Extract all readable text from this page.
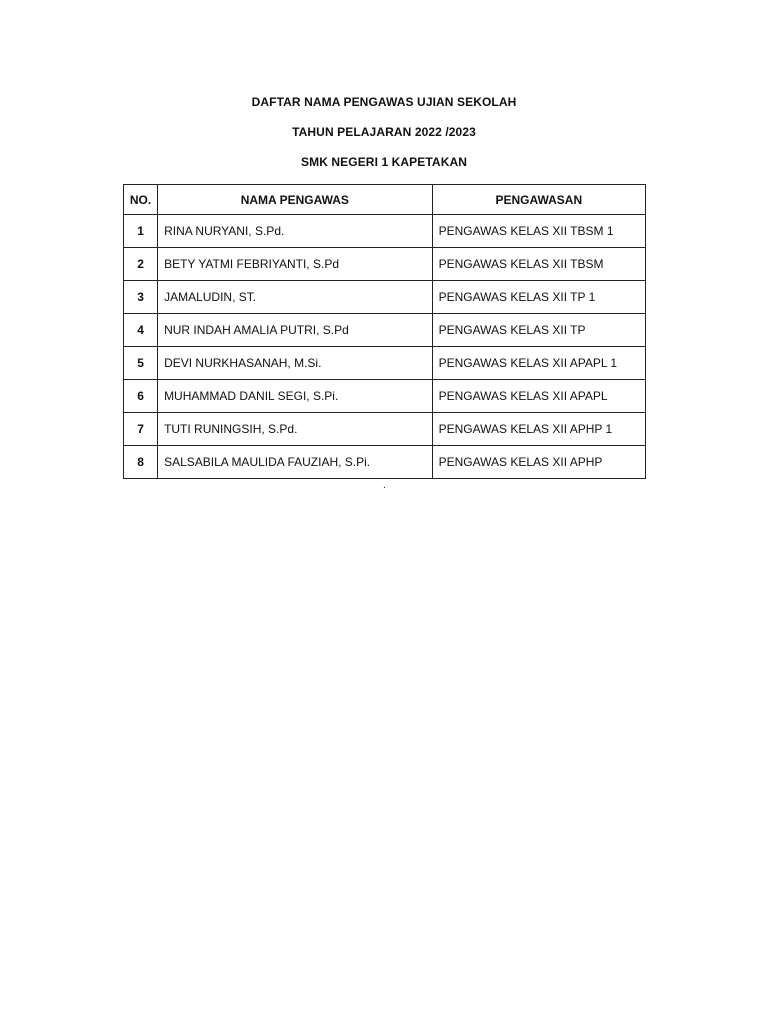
DAFTAR NAMA PENGAWAS UJIAN SEKOLAH
TAHUN PELAJARAN 2022 /2023
SMK NEGERI 1 KAPETAKAN
NO.	NAMA PENGAWAS	PENGAWASAN
1	RINA NURYANI, S.Pd.	PENGAWAS KELAS XII TBSM 1
2	BETY YATMI FEBRIYANTI, S.Pd	PENGAWAS KELAS XII TBSM
3	JAMALUDIN, ST.	PENGAWAS KELAS XII TP 1
4	NUR INDAH AMALIA PUTRI, S.Pd	PENGAWAS KELAS XII TP
5	DEVI NURKHASANAH, M.Si.	PENGAWAS KELAS XII APAPL 1
6	MUHAMMAD DANIL SEGI, S.Pi.	PENGAWAS KELAS XII APAPL
7	TUTI RUNINGSIH, S.Pd.	PENGAWAS KELAS XII APHP 1
8	SALSABILA MAULIDA FAUZIAH, S.Pi.	PENGAWAS KELAS XII APHP
.
